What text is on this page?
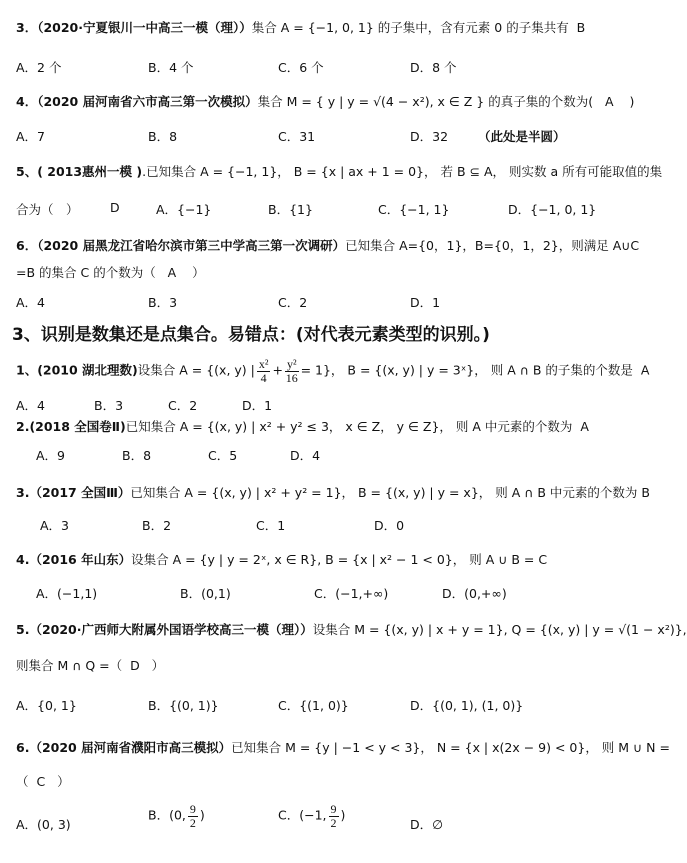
3．（2020·宁夏银川一中高三一模（理））集合 A = {−1, 0, 1} 的子集中，含有元素 0 的子集共有 B
A．2 个	B．4 个	C．6 个	D．8 个
4．（2020 届河南省六市高三第一次模拟）集合 M = { y | y = √(4 − x²), x ∈ Z } 的真子集的个数为( A )
A．7	B．8	C．31	D．32 （此处是半圆）
5、( 2013惠州一模 ).已知集合 A = {−1, 1}， B = {x | ax + 1 = 0}， 若 B ⊆ A， 则实数 a 所有可能取值的集
合为（　）	D	A．{−1}	B．{1}	C．{−1, 1}	D．{−1, 0, 1}
6．（2020 届黑龙江省哈尔滨市第三中学高三第一次调研）已知集合 A={0，1}，B={0，1，2}，则满足 A∪C
=B 的集合 C 的个数为（ A ）
A．4	B．3	C．2	D．1
3、识别是数集还是点集合。易错点：(对代表元素类型的识别。)
1、(2010 湖北理数)设集合 A = {(x, y) | $\frac{\text{x²}}{4} + \frac{\text{y²}}{16} = 1$}， B = {(x, y) | y = 3ˣ}， 则 A ∩ B 的子集的个数是 A
A．4	B．3	C．2	D．1
2.(2018 全国卷Ⅱ)已知集合 A = {(x, y) | x² + y² ≤ 3， x ∈ Z， y ∈ Z}， 则 A 中元素的个数为 A
A．9	B．8	C．5	D．4
3.（2017 全国Ⅲ）已知集合 A = {(x, y) | x² + y² = 1}， B = {(x, y) | y = x}， 则 A ∩ B 中元素的个数为 B
A．3	B．2	C．1	D．0
4.（2016 年山东）设集合 A = {y | y = 2ˣ, x ∈ R}, B = {x | x² − 1 < 0}， 则 A ∪ B = C
A．(−1,1)	B．(0,1)	C．(−1,+∞)	D．(0,+∞)
5.（2020·广西师大附属外国语学校高三一模（理））设集合 M = {(x, y) | x + y = 1}, Q = {(x, y) | y = √(1 − x²)},
则集合 M ∩ Q =（ D ）
A．{0, 1}	B．{(0, 1)}	C．{(1, 0)}	D．{(0, 1), (1, 0)}
6.（2020 届河南省濮阳市高三模拟）已知集合 M = {y | −1 < y < 3}， N = {x | x(2x − 9) < 0}， 则 M ∪ N =
（ C ）
A．(0, 3)
B．(0, $\frac{9}{2}$ )	C．(−1, $\frac{9}{2}$ )
D．∅
